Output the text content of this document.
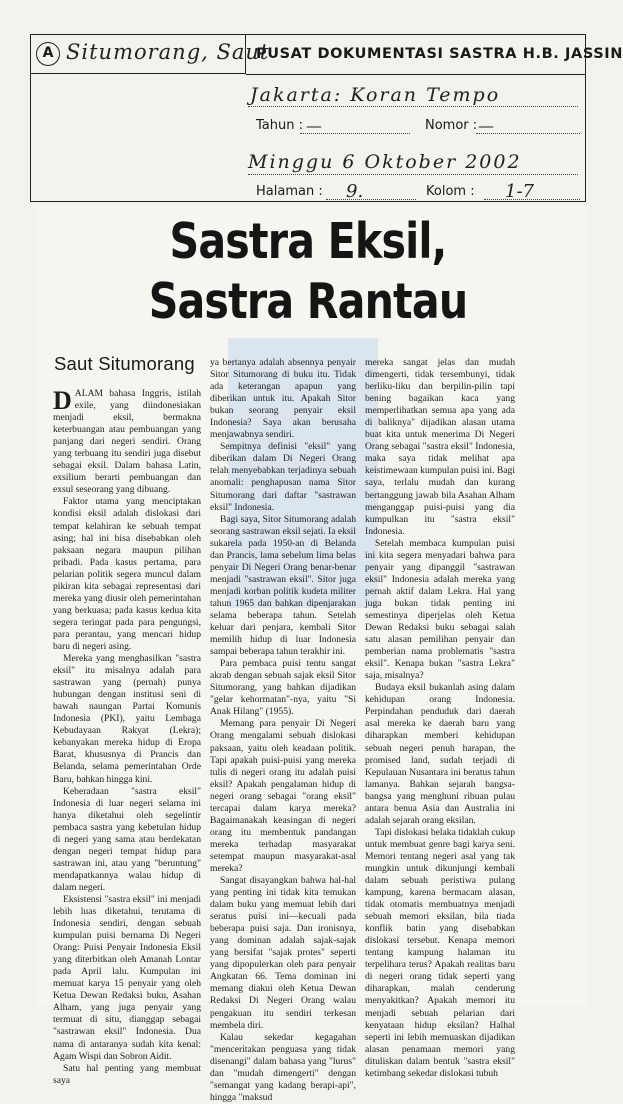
A Situmorang, Saut
PUSAT DOKUMENTASI SASTRA H.B. JASSIN
Jakarta: Koran Tempo
Tahun : —	Nomor : —
Minggu 6 Oktober 2002
Halaman : 9.	Kolom : 1-7
Sastra Eksil,
Sastra Rantau
Saut Situmorang

DALAM bahasa Inggris, istilah exile, yang diindonesiakan menjadi eksil, bermakna keterbuangan atau pembuangan yang panjang dari negeri sendiri. Orang yang terbuang itu sendiri juga disebut sebagai eksil. Dalam bahasa Latin, exsilium berarti pembuangan dan exsul seseorang yang dibuang.

Faktor utama yang menciptakan kondisi eksil adalah dislokasi dari tempat kelahiran ke sebuah tempat asing; hal ini bisa disebabkan oleh paksaan negara maupun pilihan pribadi. Pada kasus pertama, para pelarian politik segera muncul dalam pikiran kita sebagai representasi dari mereka yang diusir oleh pemerintahan yang berkuasa; pada kasus kedua kita segera teringat pada para pengungsi, para perantau, yang mencari hidup baru di negeri asing.

Mereka yang menghasilkan "sastra eksil" itu misalnya adalah para sastrawan yang (pernah) punya hubungan dengan institusi seni di bawah naungan Partai Komunis Indonesia (PKI), yaitu Lembaga Kebudayaan Rakyat (Lekra); kebanyakan mereka hidup di Eropa Barat, khususnya di Prancis dan Belanda, selama pemerintahan Orde Baru, bahkan hingga kini.

Keberadaan "sastra eksil" Indonesia di luar negeri selama ini hanya diketahui oleh segelintir pembaca sastra yang kebetulan hidup di negeri yang sama atau berdekatan dengan negeri tempat hidup para sastrawan ini, atau yang "beruntung" mendapatkannya walau hidup di dalam negeri.

Eksistensi "sastra eksil" ini menjadi lebih luas diketahui, terutama di Indonesia sendiri, dengan sebuah kumpulan puisi bernama Di Negeri Orang: Puisi Penyair Indonesia Eksil yang diterbitkan oleh Amanah Lontar pada April lalu. Kumpulan ini memuat karya 15 penyair yang oleh Ketua Dewan Redaksi buku, Asahan Alham, yang juga penyair yang termuat di situ, dianggap sebagai "sastrawan eksil" Indonesia. Dua nama di antaranya sudah kita kenal: Agam Wispi dan Sobron Aidit.

Satu hal penting yang membuat saya

ya bertanya adalah absennya penyair Sitor Situmorang di buku itu. Tidak ada keterangan apapun yang diberikan untuk itu. Apakah Sitor bukan seorang penyair eksil Indonesia? Saya akan berusaha menjawabnya sendiri.

Sempitnya definisi "eksil" yang diberikan dalam Di Negeri Orang telah menyebabkan terjadinya sebuah anomali: penghapusan nama Sitor Situmorang dari daftar "sastrawan eksil" Indonesia.

Bagi saya, Sitor Situmorang adalah seorang sastrawan eksil sejati. Ia eksil sukarela pada 1950-an di Belanda dan Prancis, lama sebelum lima belas penyair Di Negeri Orang benar-benar menjadi "sastrawan eksil". Sitor juga menjadi korban politik kudeta militer tahun 1965 dan bahkan dipenjarakan selama beberapa tahun. Setelah keluar dari penjara, kembali Sitor memilih hidup di luar Indonesia sampai beberapa tahun terakhir ini.

Para pembaca puisi tentu sangat akrab dengan sebuah sajak eksil Sitor Situmorang, yang bahkan dijadikan "gelar kehormatan"-nya, yaitu "Si Anak Hilang" (1955).

Memang para penyair Di Negeri Orang mengalami sebuah dislokasi paksaan, yaitu oleh keadaan politik. Tapi apakah puisi-puisi yang mereka tulis di negeri orang itu adalah puisi eksil? Apakah pengalaman hidup di negeri orang sebagai "orang eksil" tercapai dalam karya mereka? Bagaimanakah keasingan di negeri orang itu membentuk pandangan mereka terhadap masyarakat setempat maupun masyarakat-asal mereka?

Sangat disayangkan bahwa hal-hal yang penting ini tidak kita temukan dalam buku yang memuat lebih dari seratus puisi ini—kecuali pada beberapa puisi saja. Dan ironisnya, yang dominan adalah sajak-sajak yang bersifat "sajak protes" seperti yang dipopulerkan oleh para penyair Angkatan 66. Tema dominan ini memang diakui oleh Ketua Dewan Redaksi Di Negeri Orang walau pengakuan itu sendiri terkesan membela diri.

Kalau sekedar kegagahan "menceritakan penguasa yang tidak disenangi" dalam bahasa yang "lurus" dan "mudah dimengerti" dengan "semangat yang kadang berapi-api", hingga "maksud

mereka sangat jelas dan mudah dimengerti, tidak tersembunyi, tidak berliku-liku dan berpilin-pilin tapi bening bagaikan kaca yang memperlihatkan semua apa yang ada di baliknya" dijadikan alasan utama buat kita untuk menerima Di Negeri Orang sebagai "sastra eksil" Indonesia, maka saya tidak melihat apa keistimewaan kumpulan puisi ini. Bagi saya, terlalu mudah dan kurang bertanggung jawab bila Asahan Alham menganggap puisi-puisi yang dia kumpulkan itu "sastra eksil" Indonesia.

Setelah membaca kumpulan puisi ini kita segera menyadari bahwa para penyair yang dipanggil "sastrawan eksil" Indonesia adalah mereka yang pernah aktif dalam Lekra. Hal yang juga bukan tidak penting ini semestinya diperjelas oleh Ketua Dewan Redaksi buku sebagai salah satu alasan pemilihan penyair dan pemberian nama problematis "sastra eksil". Kenapa bukan "sastra Lekra" saja, misalnya?

Budaya eksil bukanlah asing dalam kehidupan orang Indonesia. Perpindahan penduduk dari daerah asal mereka ke daerah baru yang diharapkan memberi kehidupan sebuah negeri penuh harapan, the promised land, sudah terjadi di Kepulauan Nusantara ini beratus tahun lamanya. Bahkan sejarah bangsa-bangsa yang menghuni ribuan pulau antara benua Asia dan Australia ini adalah sejarah orang eksilan.

Tapi dislokasi belaka tidaklah cukup untuk membuat genre bagi karya seni. Memori tentang negeri asal yang tak mungkin untuk dikunjungi kembali dalam sebuah peristiwa pulang kampung, karena bermacam alasan, tidak otomatis membuatnya menjadi sebuah memori eksilan, bila tiada konflik batin yang disebabkan dislokasi tersebut. Kenapa memori tentang kampung halaman itu terpelihara terus? Apakah realitas baru di negeri orang tidak seperti yang diharapkan, malah cenderung menyakitkan? Apakah memori itu menjadi sebuah pelarian dari kenyataan hidup eksilan? Halhal seperti ini lebih memuaskan dijadikan alasan penamaan memori yang dituliskan dalam bentuk "sastra eksil" ketimbang sekedar dislokasi tubuh
